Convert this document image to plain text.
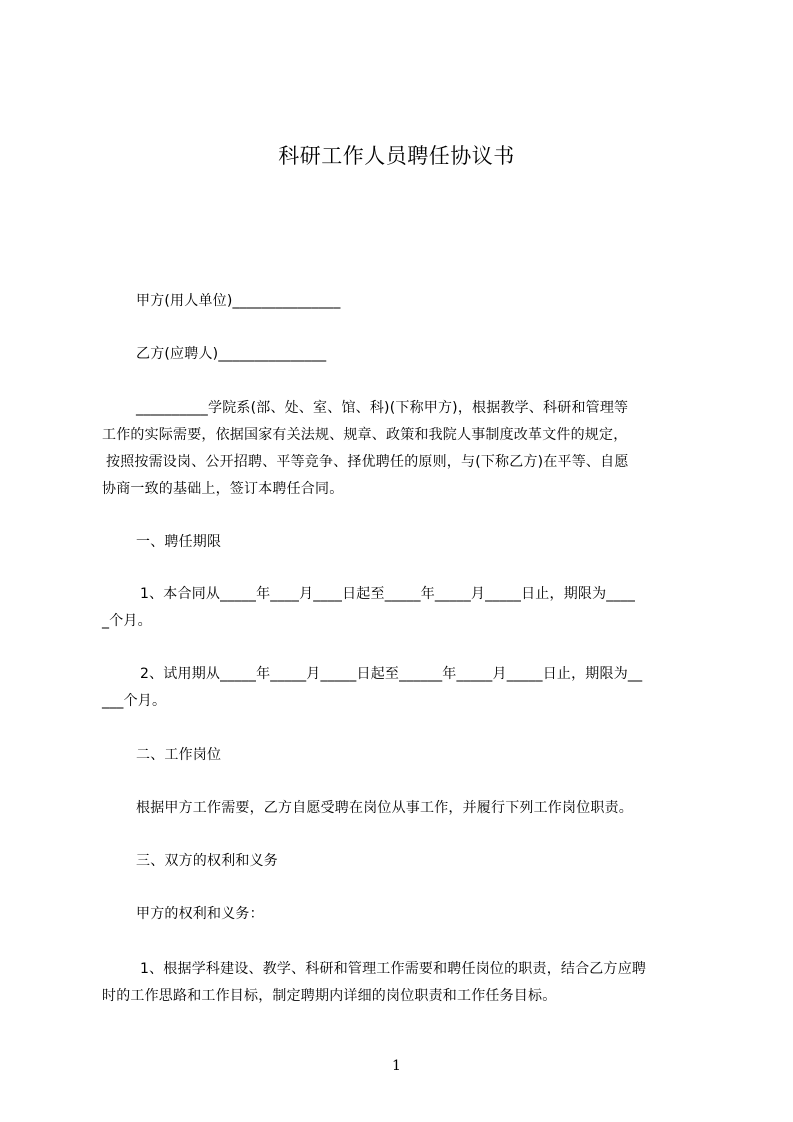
科研工作人员聘任协议书
甲方(用人单位)_______________
乙方(应聘人)_______________
__________学院系(部、处、室、馆、科)(下称甲方)，根据教学、科研和管理等
工作的实际需要，依据国家有关法规、规章、政策和我院人事制度改革文件的规定，
按照按需设岗、公开招聘、平等竞争、择优聘任的原则，与(下称乙方)在平等、自愿
协商一致的基础上，签订本聘任合同。
一、聘任期限
1、本合同从_____年____月____日起至_____年_____月_____日止，期限为____
_个月。
2、试用期从_____年_____月_____日起至______年_____月_____日止，期限为__
___个月。
二、工作岗位
根据甲方工作需要，乙方自愿受聘在岗位从事工作，并履行下列工作岗位职责。
三、双方的权利和义务
甲方的权利和义务：
1、根据学科建设、教学、科研和管理工作需要和聘任岗位的职责，结合乙方应聘
时的工作思路和工作目标，制定聘期内详细的岗位职责和工作任务目标。
1
